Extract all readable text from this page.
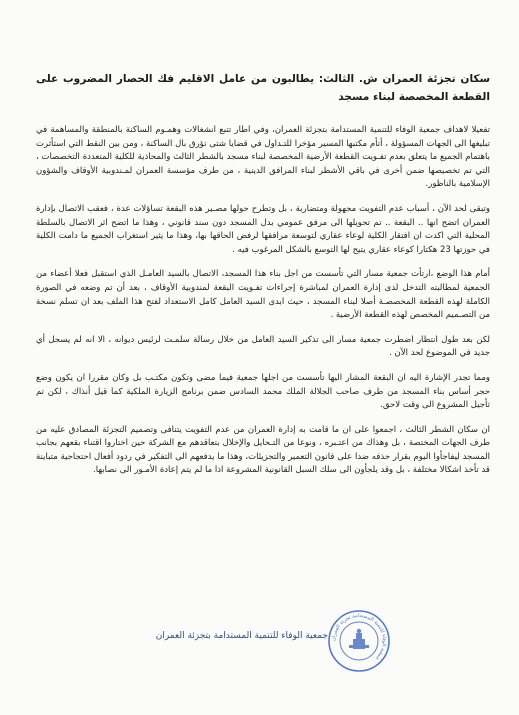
سكان تجزئة العمران ش. الثالث: يطالبون من عامل الاقليم فك الحصار المضروب على القطعة المخصصة لبناء مسجد

تفعيلا لاهداف جمعية الوفاء للتنمية المستدامة بتجزئة العمران، وفي اطار تتبع انشغالات وهمـوم الساكنة بالمنطقة والمساهمة في تبليغها الى الجهات المسؤولة ، أتأم مكتبها المسير مؤخرا للتـداول في قضايا شتى تؤرق بال الساكنة ، ومن بين النقط التي استأثرت باهتمام الجميع ما يتعلق بعدم تفـويت القطعة الأرضية المخصصة لبناء مسجد بالشطر الثالث والمحاذية للكلية المتعددة التخصصات ، التي تم تخصيصها ضمن أخرى في باقي الأشطر لبناء المرافق الدينية ، من طرف مؤسسة العمران لمـندوبية الأوقاف والشؤون الإسلامية بالناظور.

وتبقى لحد الآن ، أسباب عدم التفويت مجهولة ومتضاربة ، بل وتطرح حولها مصـير هذه البقعة تساؤلات عدة ، فعقب الاتصال بإدارة العمران اتضح انها .. البقعة .. تم تحويلها الى مرفق عمومي بدل المسجد دون سند قانوني ، وهذا ما اتضح اثر الاتصال بالسلطة المحلية التي اكدت ان افتقار الكلية لوعاء عقاري لتوسعة مرافقها لرفض الحاقها بها، وهذا ما يثير استغراب الجميع ما دامت الكلية في حوزتها 23 هكتارا كوعاء عقاري يتيح لها التوسع بالشكل المرغوب فيه .

أمام هذا الوضع ،ارتأت جمعية مسار التي تأسست من اجل بناء هذا المسجد، الاتصال بالسيد العامـل الذي استقبل فعلا أعضاء من الجمعية لمطالبته التدخل لدى إدارة العمران لمباشرة إجراءات تفـويت البقعة لمندوبية الأوقاف ، بعد أن تم وضعه في الصورة الكاملة لهذه القطعة المخصصـة أصلا لبناء المسجد ، حيث ابدى السيد العامل كامل الاستعداد لفتح هذا الملف بعد ان تسلم نسخة من التصـميم المخصص لهذه القطعة الأرضية .

لكن بعد طول انتظار اضطرت جمعية مسار الى تذكير السيد العامل من خلال رسالة سلمـت لرئيس ديوانه ، الا انه لم يسجل أي جديد في الموضوع لحد الآن .

ومما تجدر الإشارة اليه ان البقعة المشار اليها تأسست من اجلها جمعية فيما مضى وتكون مكتـب بل وكان مقررا ان يكون وضع حجر أساس بناء المسجد من طرف صاحب الجلالة الملك محمد السادس ضمن برنامج الزيارة الملكية كما قيل أنذاك ، لكن تم تأجيل المشروع الى وقت لاحق.

ان سكان الشطر الثالث ، اجمعوا على ان ما قامت به إدارة العمران من عدم التفويت يتنافى وتصميم التجزئة المصادق عليه من طرف الجهات المختصة ، بل وهذاك من اعتـبره ، ونوعا من التـحايل والإخلال بتعاقدهم مع الشركة حين اختاروا اقتناء بقعهم بجانب المسجد ليفاجأوا اليوم بقرار حذفه ضدا على قانون التعمير والتجزيئات، وهذا ما يدفعهم الى التفكير في ردود أفعال احتجاجية متباينة قد تأخذ اشكالا مختلفة ، بل وقد يلجأون الى سلك السبل القانونية المشروعة اذا ما لم يتم إعادة الأمـور الى نصابها.

جمعية الوفاء للتنمية المستدامة بتجزئة العمران جمعية الوفاء للتنمية المستدامة تجزئة العمران
